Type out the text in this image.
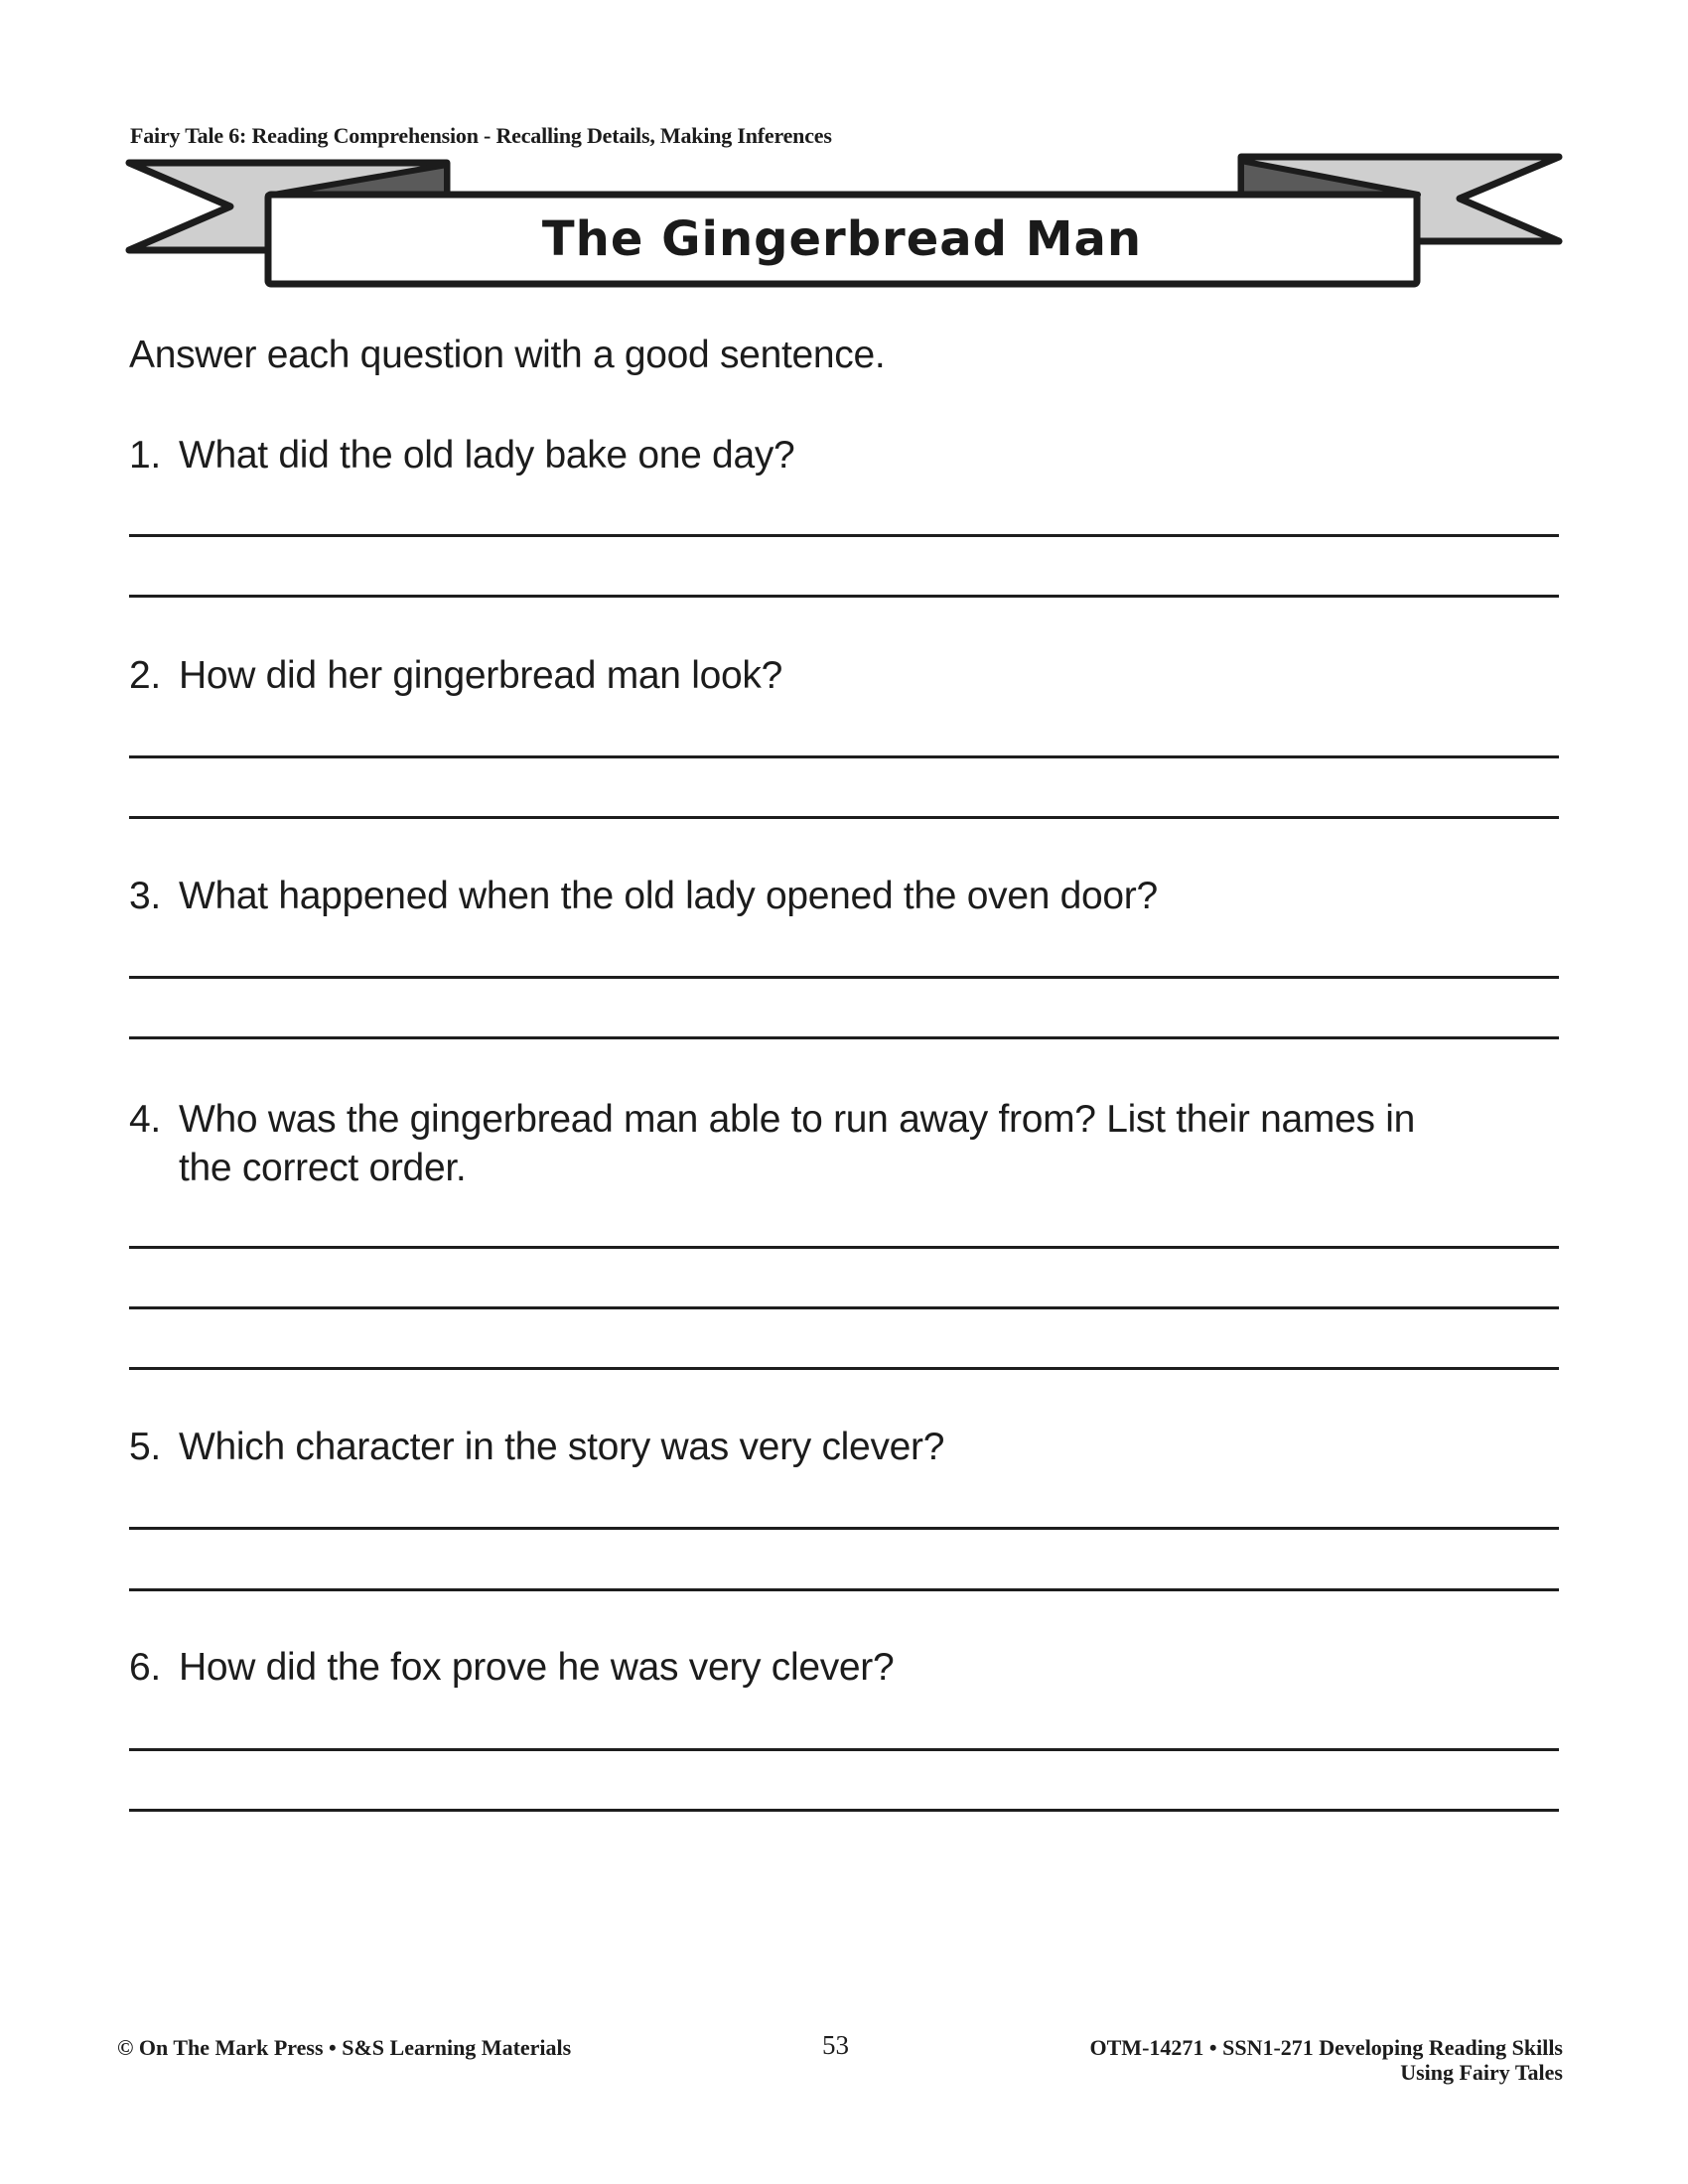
Fairy Tale 6: Reading Comprehension - Recalling Details, Making Inferences
The Gingerbread Man
Answer each question with a good sentence.
1. What did the old lady bake one day?
2. How did her gingerbread man look?
3. What happened when the old lady opened the oven door?
4. Who was the gingerbread man able to run away from? List their names in
the correct order.
5. Which character in the story was very clever?
6. How did the fox prove he was very clever?
© On The Mark Press • S&S Learning Materials	53	OTM-14271 • SSN1-271 Developing Reading Skills
Using Fairy Tales
